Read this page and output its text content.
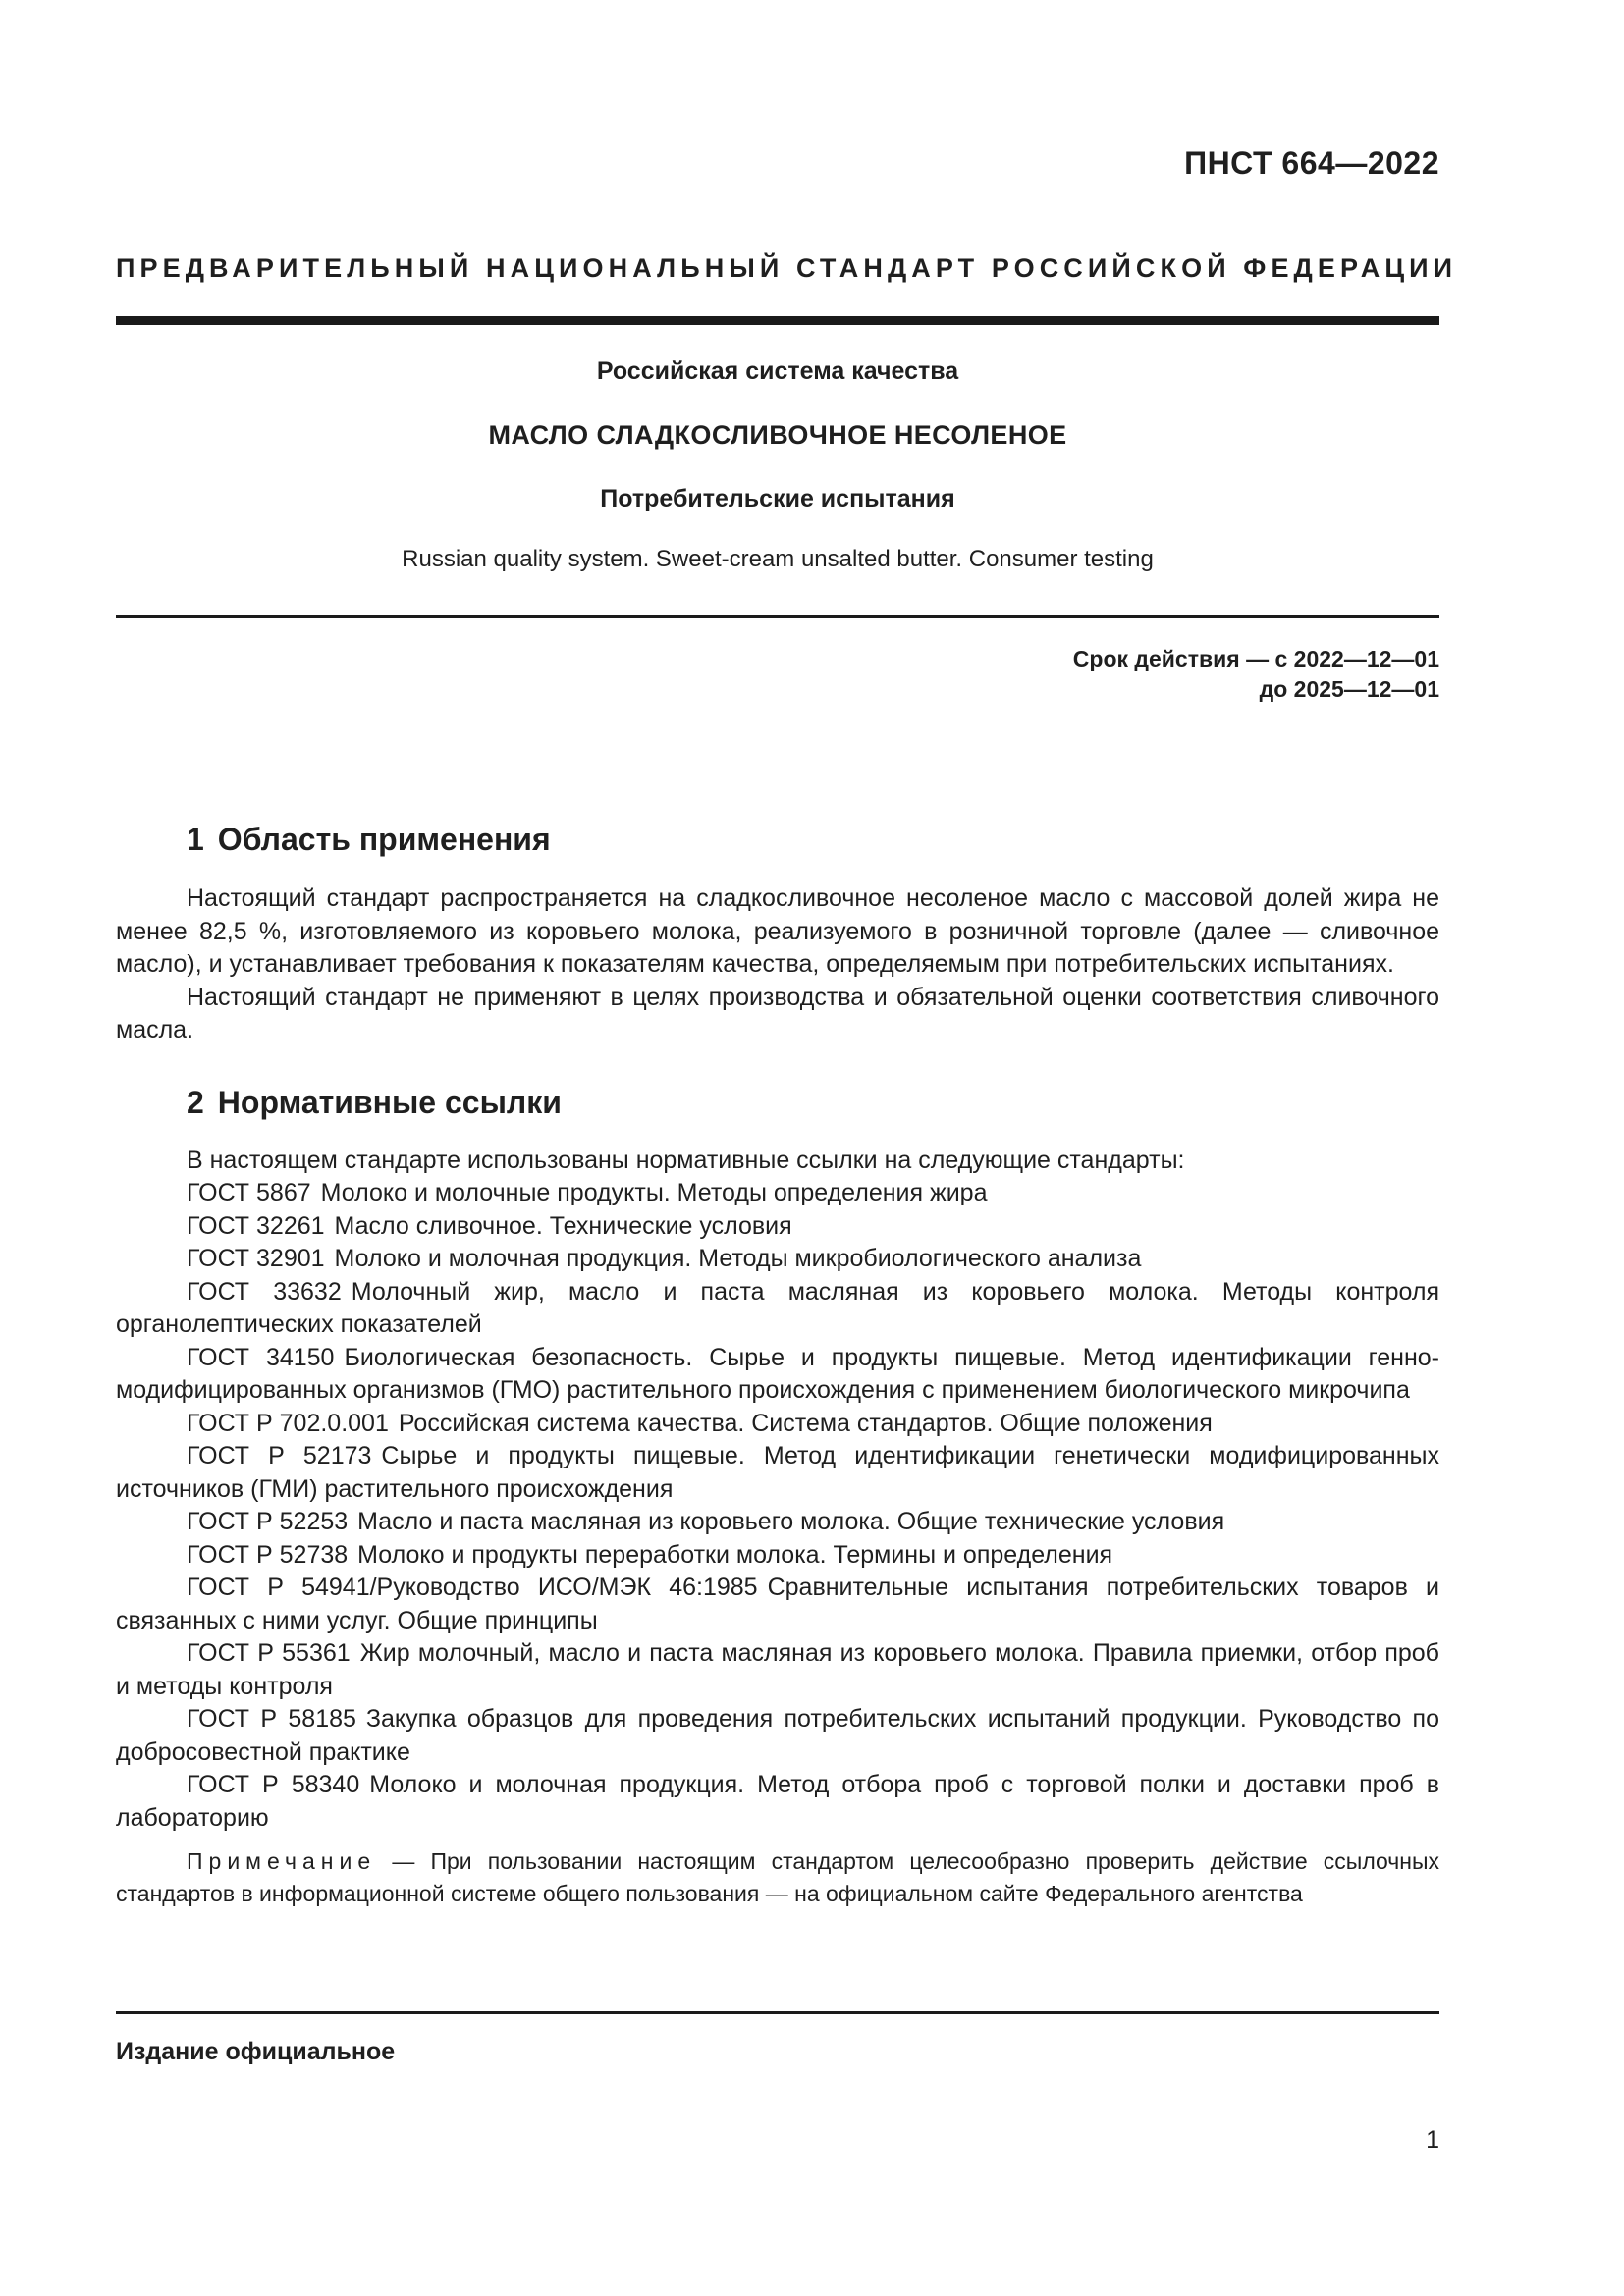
ПНСТ 664—2022
ПРЕДВАРИТЕЛЬНЫЙ НАЦИОНАЛЬНЫЙ СТАНДАРТ РОССИЙСКОЙ ФЕДЕРАЦИИ
Российская система качества
МАСЛО СЛАДКОСЛИВОЧНОЕ НЕСОЛЕНОЕ
Потребительские испытания
Russian quality system. Sweet-cream unsalted butter. Consumer testing
Срок действия — с 2022—12—01
до 2025—12—01
1 Область применения

Настоящий стандарт распространяется на сладкосливочное несоленое масло с массовой долей жира не менее 82,5 %, изготовляемого из коровьего молока, реализуемого в розничной торговле (далее — сливочное масло), и устанавливает требования к показателям качества, определяемым при потребительских испытаниях.

Настоящий стандарт не применяют в целях производства и обязательной оценки соответствия сливочного масла.

2 Нормативные ссылки

В настоящем стандарте использованы нормативные ссылки на следующие стандарты:

ГОСТ 5867 Молоко и молочные продукты. Методы определения жира
ГОСТ 32261 Масло сливочное. Технические условия
ГОСТ 32901 Молоко и молочная продукция. Методы микробиологического анализа
ГОСТ 33632 Молочный жир, масло и паста масляная из коровьего молока. Методы контроля органолептических показателей
ГОСТ 34150 Биологическая безопасность. Сырье и продукты пищевые. Метод идентификации генно-модифицированных организмов (ГМО) растительного происхождения с применением биологического микрочипа
ГОСТ Р 702.0.001 Российская система качества. Система стандартов. Общие положения
ГОСТ Р 52173 Сырье и продукты пищевые. Метод идентификации генетически модифицированных источников (ГМИ) растительного происхождения
ГОСТ Р 52253 Масло и паста масляная из коровьего молока. Общие технические условия
ГОСТ Р 52738 Молоко и продукты переработки молока. Термины и определения
ГОСТ Р 54941/Руководство ИСО/МЭК 46:1985 Сравнительные испытания потребительских товаров и связанных с ними услуг. Общие принципы
ГОСТ Р 55361 Жир молочный, масло и паста масляная из коровьего молока. Правила приемки, отбор проб и методы контроля
ГОСТ Р 58185 Закупка образцов для проведения потребительских испытаний продукции. Руководство по добросовестной практике
ГОСТ Р 58340 Молоко и молочная продукция. Метод отбора проб с торговой полки и доставки проб в лабораторию

Примечание — При пользовании настоящим стандартом целесообразно проверить действие ссылочных стандартов в информационной системе общего пользования — на официальном сайте Федерального агентства

Издание официальное
1
